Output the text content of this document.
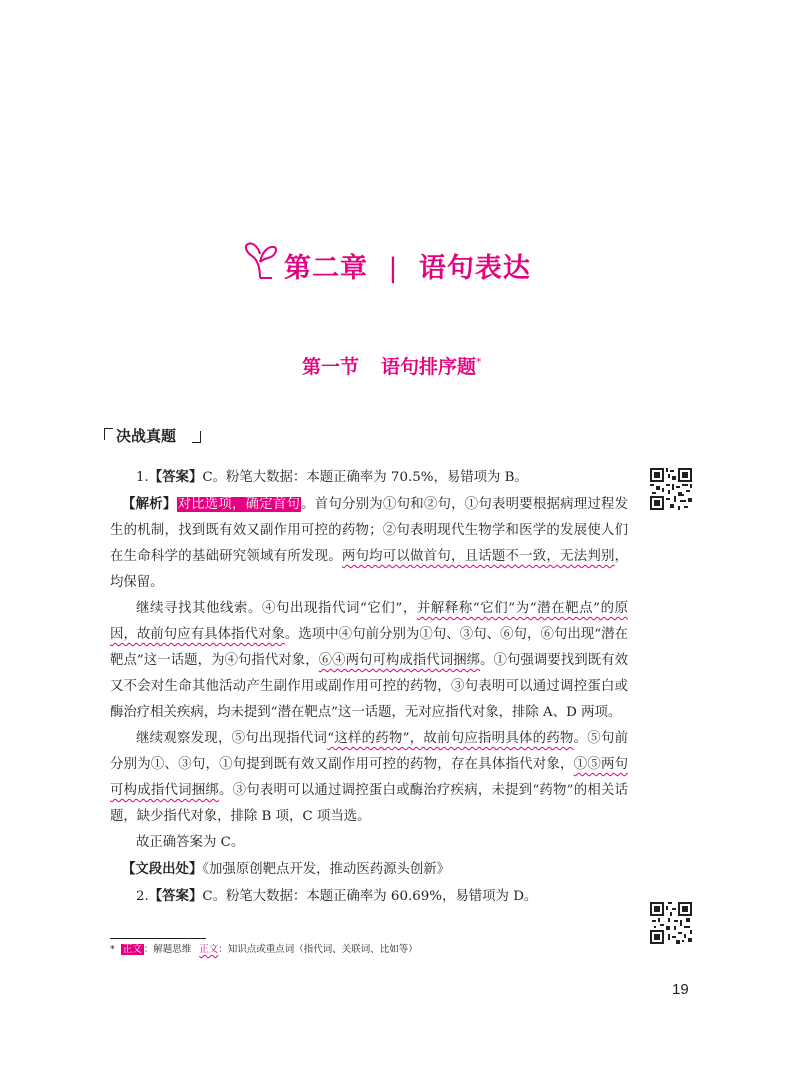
第二章 | 语句表达
第一节 语句排序题*
决战真题

1.【答案】C。粉笔大数据：本题正确率为 70.5%，易错项为 B。

【解析】对比选项，确定首句。首句分别为①句和②句，①句表明要根据病理过程发生的机制，找到既有效又副作用可控的药物；②句表明现代生物学和医学的发展使人们在生命科学的基础研究领域有所发现。两句均可以做首句，且话题不一致，无法判别，均保留。

继续寻找其他线索。④句出现指代词“它们”，并解释称“它们”为“潜在靶点”的原因，故前句应有具体指代对象。选项中④句前分别为①句、③句、⑥句，⑥句出现“潜在靶点”这一话题，为④句指代对象，⑥④两句可构成指代词捆绑。①句强调要找到既有效又不会对生命其他活动产生副作用或副作用可控的药物，③句表明可以通过调控蛋白或酶治疗相关疾病，均未提到“潜在靶点”这一话题，无对应指代对象，排除 A、D 两项。

继续观察发现，⑤句出现指代词“这样的药物”，故前句应指明具体的药物。⑤句前分别为①、③句，①句提到既有效又副作用可控的药物，存在具体指代对象，①⑤两句可构成指代词捆绑。③句表明可以通过调控蛋白或酶治疗疾病，未提到“药物”的相关话题，缺少指代对象，排除 B 项，C 项当选。

故正确答案为 C。

【文段出处】《加强原创靶点开发，推动医药源头创新》

2.【答案】C。粉笔大数据：本题正确率为 60.69%，易错项为 D。

* 正文 ：解题思维 正文：知识点或重点词（指代词、关联词、比如等）
19
